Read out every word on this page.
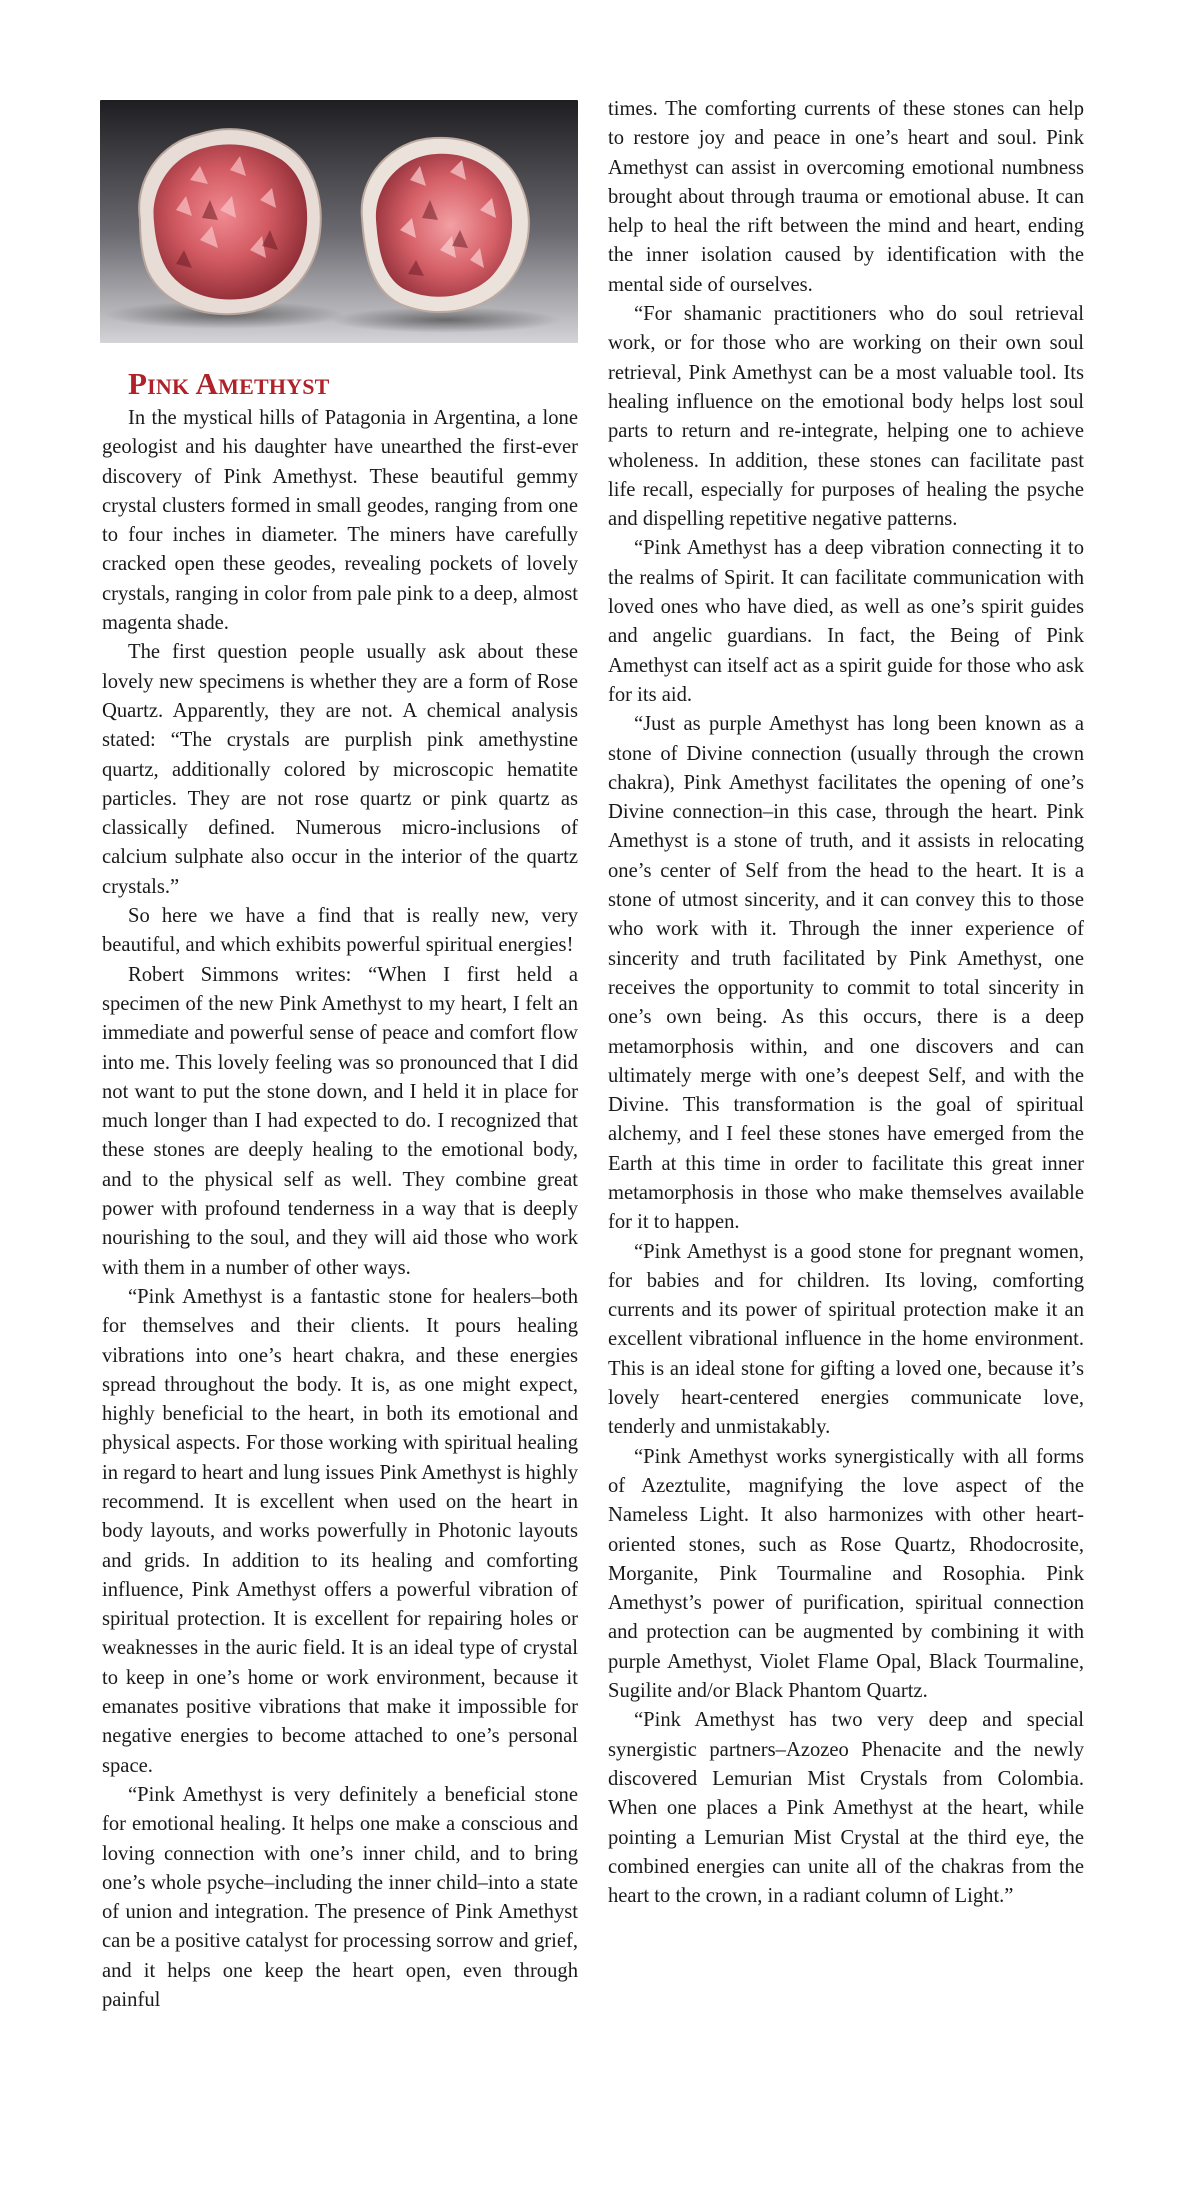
Pink Amethyst

In the mystical hills of Patagonia in Argentina, a lone geologist and his daughter have unearthed the first-ever discovery of Pink Amethyst. These beautiful gemmy crystal clusters formed in small geodes, ranging from one to four inches in diameter. The miners have carefully cracked open these geodes, revealing pockets of lovely crystals, ranging in color from pale pink to a deep, almost magenta shade.

The first question people usually ask about these lovely new specimens is whether they are a form of Rose Quartz. Apparently, they are not. A chemical analysis stated: “The crystals are purplish pink amethystine quartz, additionally colored by microscopic hematite particles. They are not rose quartz or pink quartz as classically defined. Numerous micro-inclusions of calcium sulphate also occur in the interior of the quartz crystals.”

So here we have a find that is really new, very beautiful, and which exhibits powerful spiritual energies!

Robert Simmons writes: “When I first held a specimen of the new Pink Amethyst to my heart, I felt an immediate and powerful sense of peace and comfort flow into me. This lovely feeling was so pronounced that I did not want to put the stone down, and I held it in place for much longer than I had expected to do. I recognized that these stones are deeply healing to the emotional body, and to the physical self as well. They combine great power with profound tenderness in a way that is deeply nourishing to the soul, and they will aid those who work with them in a number of other ways.

“Pink Amethyst is a fantastic stone for healers–both for themselves and their clients. It pours healing vibrations into one’s heart chakra, and these energies spread throughout the body. It is, as one might expect, highly beneficial to the heart, in both its emotional and physical aspects. For those working with spiritual healing in regard to heart and lung issues Pink Amethyst is highly recommend. It is excellent when used on the heart in body layouts, and works powerfully in Photonic layouts and grids. In addition to its healing and comforting influence, Pink Amethyst offers a powerful vibration of spiritual protection. It is excellent for repairing holes or weaknesses in the auric field. It is an ideal type of crystal to keep in one’s home or work environment, because it emanates positive vibrations that make it impossible for negative energies to become attached to one’s personal space.

“Pink Amethyst is very definitely a beneficial stone for emotional healing. It helps one make a conscious and loving connection with one’s inner child, and to bring one’s whole psyche–including the inner child–into a state of union and integration. The presence of Pink Amethyst can be a positive catalyst for processing sorrow and grief, and it helps one keep the heart open, even through painful

times. The comforting currents of these stones can help to restore joy and peace in one’s heart and soul. Pink Amethyst can assist in overcoming emotional numbness brought about through trauma or emotional abuse. It can help to heal the rift between the mind and heart, ending the inner isolation caused by identification with the mental side of ourselves.

“For shamanic practitioners who do soul retrieval work, or for those who are working on their own soul retrieval, Pink Amethyst can be a most valuable tool. Its healing influence on the emotional body helps lost soul parts to return and re-integrate, helping one to achieve wholeness. In addition, these stones can facilitate past life recall, especially for purposes of healing the psyche and dispelling repetitive negative patterns.

“Pink Amethyst has a deep vibration connecting it to the realms of Spirit. It can facilitate communication with loved ones who have died, as well as one’s spirit guides and angelic guardians. In fact, the Being of Pink Amethyst can itself act as a spirit guide for those who ask for its aid.

“Just as purple Amethyst has long been known as a stone of Divine connection (usually through the crown chakra), Pink Amethyst facilitates the opening of one’s Divine connection–in this case, through the heart. Pink Amethyst is a stone of truth, and it assists in relocating one’s center of Self from the head to the heart. It is a stone of utmost sincerity, and it can convey this to those who work with it. Through the inner experience of sincerity and truth facilitated by Pink Amethyst, one receives the opportunity to commit to total sincerity in one’s own being. As this occurs, there is a deep metamorphosis within, and one discovers and can ultimately merge with one’s deepest Self, and with the Divine. This transformation is the goal of spiritual alchemy, and I feel these stones have emerged from the Earth at this time in order to facilitate this great inner metamorphosis in those who make themselves available for it to happen.

“Pink Amethyst is a good stone for pregnant women, for babies and for children. Its loving, comforting currents and its power of spiritual protection make it an excellent vibrational influence in the home environment. This is an ideal stone for gifting a loved one, because it’s lovely heart-centered energies communicate love, tenderly and unmistakably.

“Pink Amethyst works synergistically with all forms of Azeztulite, magnifying the love aspect of the Nameless Light. It also harmonizes with other heart-oriented stones, such as Rose Quartz, Rhodocrosite, Morganite, Pink Tourmaline and Rosophia. Pink Amethyst’s power of purification, spiritual connection and protection can be augmented by combining it with purple Amethyst, Violet Flame Opal, Black Tourmaline, Sugilite and/or Black Phantom Quartz.

“Pink Amethyst has two very deep and special synergistic partners–Azozeo Phenacite and the newly discovered Lemurian Mist Crystals from Colombia. When one places a Pink Amethyst at the heart, while pointing a Lemurian Mist Crystal at the third eye, the combined energies can unite all of the chakras from the heart to the crown, in a radiant column of Light.”
